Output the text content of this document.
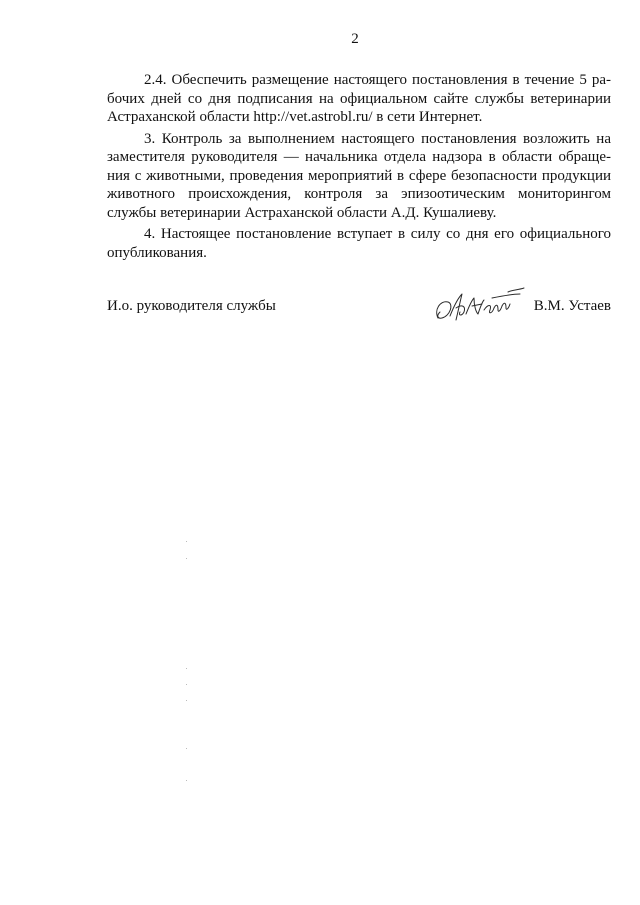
2

2.4. Обеспечить размещение настоящего постановления в течение 5 ра-
бочих дней со дня подписания на официальном сайте службы ветеринарии
Астраханской области http://vet.astrobl.ru/ в сети Интернет.

3. Контроль за выполнением настоящего постановления возложить на
заместителя руководителя — начальника отдела надзора в области обраще-
ния с животными, проведения мероприятий в сфере безопасности продукции
животного происхождения, контроля за эпизоотическим мониторингом
службы ветеринарии Астраханской области А.Д. Кушалиеву.

4. Настоящее постановление вступает в силу со дня его официального
опубликования.

И.о. руководителя службы	В.М. Устаев
